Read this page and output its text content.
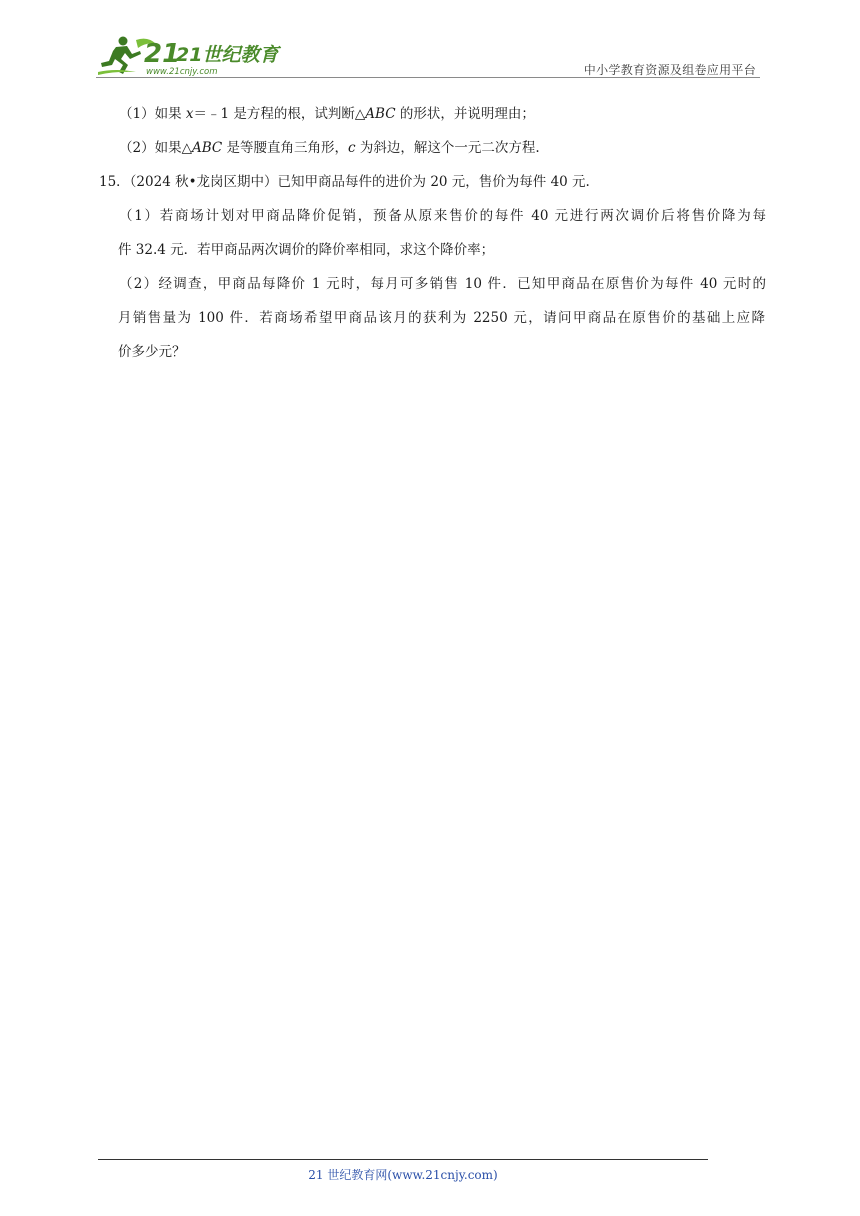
21
21世纪教育
www.21cnjy.com	中小学教育资源及组卷应用平台
（1）如果 x＝﹣1 是方程的根，试判断△ABC 的形状，并说明理由；
（2）如果△ABC 是等腰直角三角形，c 为斜边，解这个一元二次方程.
15．（2024 秋•龙岗区期中）已知甲商品每件的进价为 20 元，售价为每件 40 元.
（1）若商场计划对甲商品降价促销，预备从原来售价的每件 40 元进行两次调价后将售价降为每
件 32.4 元．若甲商品两次调价的降价率相同，求这个降价率；
（2）经调查，甲商品每降价 1 元时，每月可多销售 10 件．已知甲商品在原售价为每件 40 元时的
月销售量为 100 件．若商场希望甲商品该月的获利为 2250 元，请问甲商品在原售价的基础上应降
价多少元？
21 世纪教育网(www.21cnjy.com)
